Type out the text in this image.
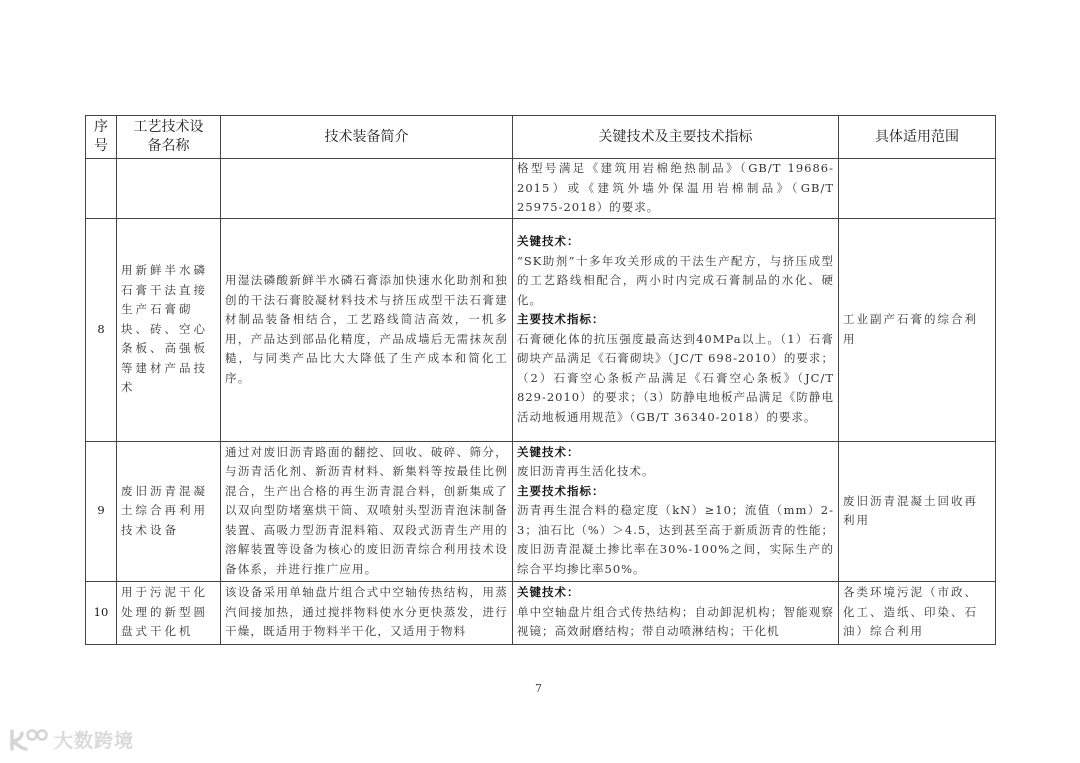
序
号	工艺技术设
备名称	技术装备简介	关键技术及主要技术指标	具体适用范围
			格型号满足《建筑用岩棉绝热制品》（GB/T 19686-2015）或《建筑外墙外保温用岩棉制品》（GB/T 25975-2018）的要求。	
8	用新鲜半水磷石膏干法直接生产石膏砌块、砖、空心条板、高强板等建材产品技术	用湿法磷酸新鲜半水磷石膏添加快速水化助剂和独创的干法石膏胶凝材料技术与挤压成型干法石膏建材制品装备相结合，工艺路线简洁高效，一机多用，产品达到部品化精度，产品成墙后无需抹灰刮糙，与同类产品比大大降低了生产成本和简化工序。	关键技术：
“SK助剂”十多年攻关形成的干法生产配方，与挤压成型的工艺路线相配合，两小时内完成石膏制品的水化、硬化。
主要技术指标：
石膏硬化体的抗压强度最高达到40MPa以上。（1）石膏砌块产品满足《石膏砌块》（JC/T 698-2010）的要求；（2）石膏空心条板产品满足《石膏空心条板》（JC/T 829-2010）的要求；（3）防静电地板产品满足《防静电活动地板通用规范》（GB/T 36340-2018）的要求。	工业副产石膏的综合利用
9	废旧沥青混凝土综合再利用技术设备	通过对废旧沥青路面的翻挖、回收、破碎、筛分，与沥青活化剂、新沥青材料、新集料等按最佳比例混合，生产出合格的再生沥青混合料，创新集成了以双向型防堵塞烘干筒、双喷射头型沥青泡沫制备装置、高吸力型沥青混料箱、双段式沥青生产用的溶解装置等设备为核心的废旧沥青综合利用技术设备体系，并进行推广应用。	关键技术：
废旧沥青再生活化技术。
主要技术指标：
沥青再生混合料的稳定度（kN）≥10；流值（mm）2-3；油石比（%）＞4.5，达到甚至高于新质沥青的性能；废旧沥青混凝土掺比率在30%-100%之间，实际生产的综合平均掺比率50%。	废旧沥青混凝土回收再利用
10	用于污泥干化处理的新型圆盘式干化机	该设备采用单轴盘片组合式中空轴传热结构，用蒸汽间接加热，通过搅拌物料使水分更快蒸发，进行干燥，既适用于物料半干化，又适用于物料	关键技术：
单中空轴盘片组合式传热结构；自动卸泥机构；智能观察视镜；高效耐磨结构；带自动喷淋结构；干化机	各类环境污泥（市政、化工、造纸、印染、石油）综合利用
7
大数跨境
